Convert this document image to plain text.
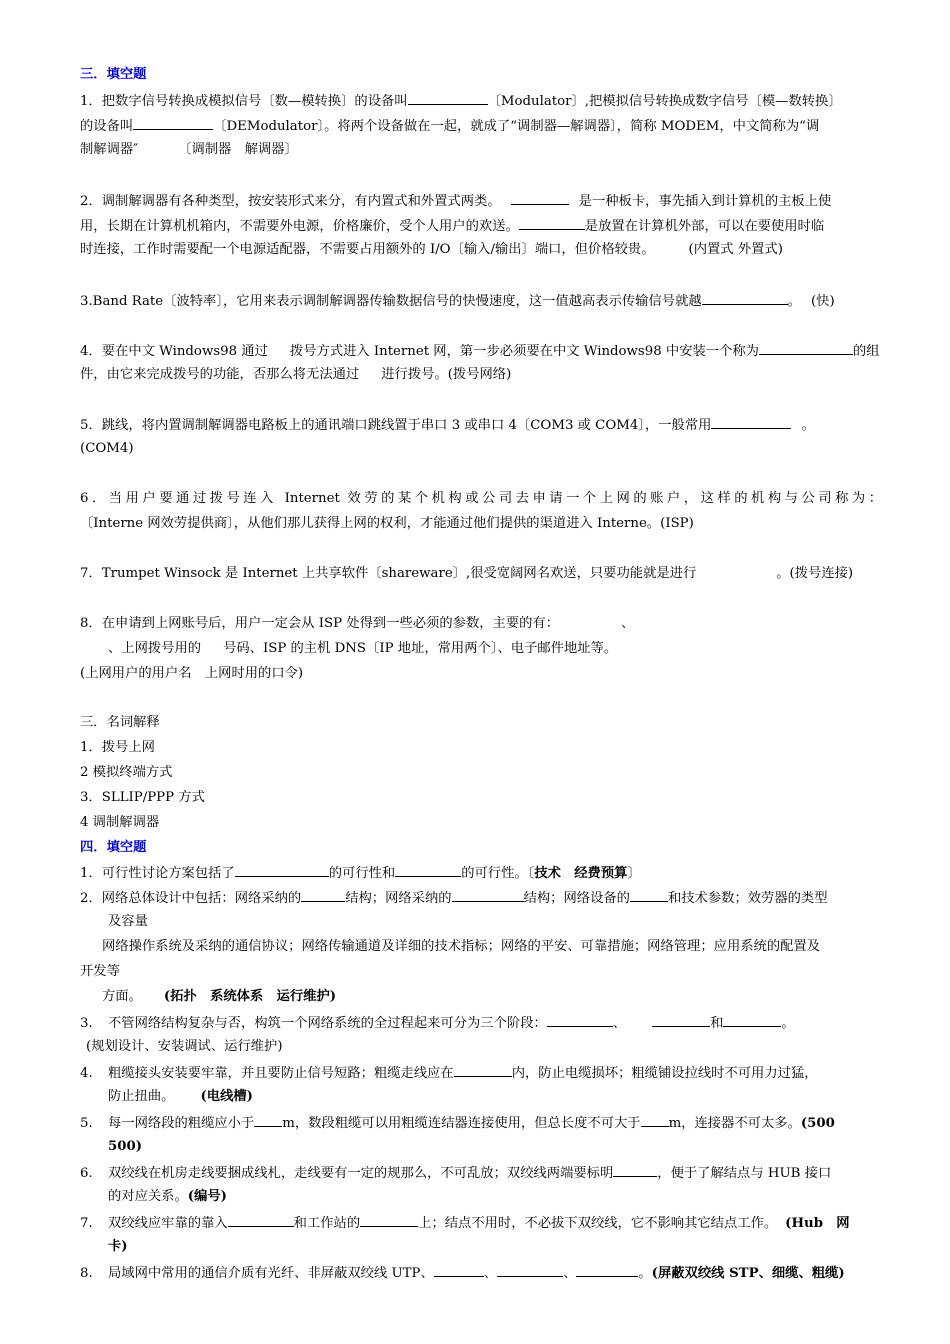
三．填空题
1．把数字信号转换成模拟信号〔数—模转换〕的设备叫	〔Modulator〕,把模拟信号转换成数字信号〔模—数转换〕
的设备叫	〔DEModulator〕。将两个设备做在一起，就成了“调制器—解调器〕，简称 MODEM，中文简称为“调
制解调器″	〔调制器　解调器〕
2．调制解调器有各种类型，按安装形式来分，有内置式和外置式两类。	是一种板卡，事先插入到计算机的主板上使
用，长期在计算机机箱内，不需要外电源，价格廉价，受个人用户的欢送。	是放置在计算机外部，可以在要使用时临
时连接，工作时需要配一个电源适配器，不需要占用额外的 I/O〔输入/输出〕端口，但价格较贵。	(内置式 外置式)
3.Band Rate〔波特率〕，它用来表示调制解调器传输数据信号的快慢速度，这一值越高表示传输信号就越	。 (快)
4．要在中文 Windows98 通过 拨号方式进入 Internet 网，第一步必须要在中文 Windows98 中安装一个称为	的组
件，由它来完成拨号的功能，否那么将无法通过 进行拨号。(拨号网络)
5．跳线，将内置调制解调器电路板上的通讯端口跳线置于串口 3 或串口 4〔COM3 或 COM4〕，一般常用	。
(COM4)
6．当用户要通过拨号连入 Internet 效劳的某个机构或公司去申请一个上网的账户，这样的机构与公司称为：
〔Interne 网效劳提供商〕，从他们那儿获得上网的权利，才能通过他们提供的渠道进入 Interne。(ISP)
7．Trumpet Winsock 是 Internet 上共享软件〔shareware〕,很受宽阔网名欢送，只要功能就是进行	。(拨号连接)
8．在申请到上网账号后，用户一定会从 ISP 处得到一些必须的参数，主要的有：	、
、上网拨号用的 号码、ISP 的主机 DNS〔IP 地址，常用两个〕、电子邮件地址等。
(上网用户的用户名　上网时用的口令)
三．名词解释
1．拨号上网
2 模拟终端方式
3．SLLIP/PPP 方式
4 调制解调器
四．填空题
1．可行性讨论方案包括了	的可行性和	的可行性。〔技术　经费预算〕
2．网络总体设计中包括：网络采纳的	结构；网络采纳的	结构；网络设备的	和技术参数；效劳器的类型
及容量
网络操作系统及采纳的通信协议；网络传输通道及详细的技术指标；网络的平安、可靠措施；网络管理；应用系统的配置及
开发等
方面。 (拓扑　系统体系　运行维护)
3. 不管网络结构复杂与否，构筑一个网络系统的全过程起来可分为三个阶段：	、	和	。
(规划设计、安装调试、运行维护)
4. 粗缆接头安装要牢靠，并且要防止信号短路；粗缆走线应在	内，防止电缆损坏；粗缆铺设拉线时不可用力过猛，
防止扭曲。 (电线槽)
5. 每一网络段的粗缆应小于 m，数段粗缆可以用粗缆连结器连接使用，但总长度不可大于 m，连接器不可太多。(500
500)
6. 双绞线在机房走线要捆成线札，走线要有一定的规那么，不可乱放；双绞线两端要标明	，便于了解结点与 HUB 接口
的对应关系。(编号)
7. 双绞线应牢靠的靠入	和工作站的	上；结点不用时，不必拔下双绞线，它不影响其它结点工作。 (Hub　网
卡)
8. 局域网中常用的通信介质有光纤、非屏蔽双绞线 UTP、	、	、	。(屏蔽双绞线 STP、细缆、粗缆)
